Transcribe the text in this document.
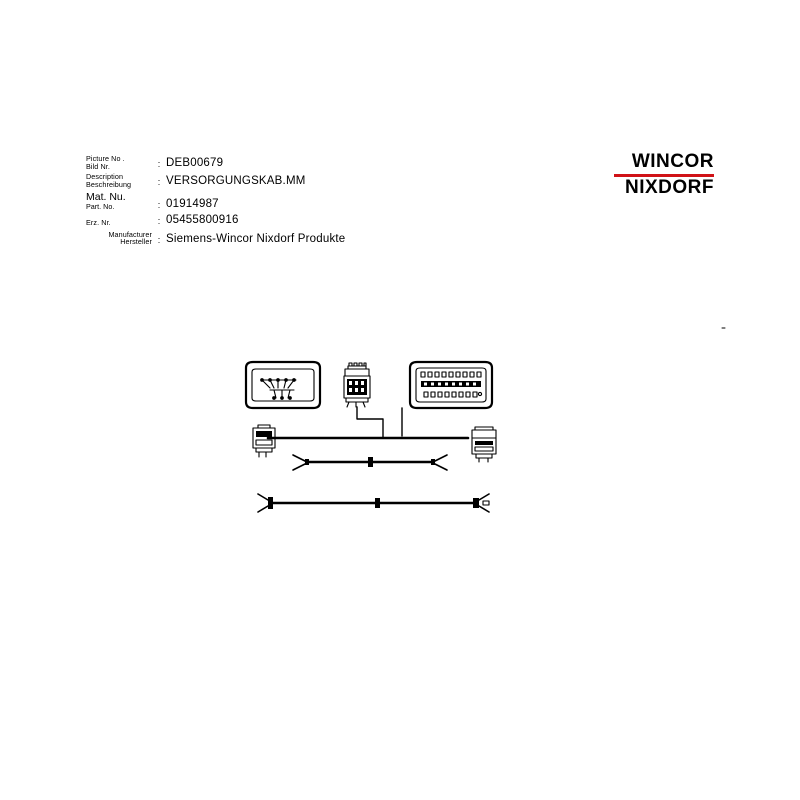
Picture No .
Bild Nr.	: DEB00679
Description
Beschreibung	: VERSORGUNGSKAB.MM
Mat. Nu.
Part. No.	: 01914987
Erz. Nr.	: 05455800916
Manufacturer
Hersteller : Siemens-Wincor Nixdorf Produkte
WINCOR
NIXDORF
